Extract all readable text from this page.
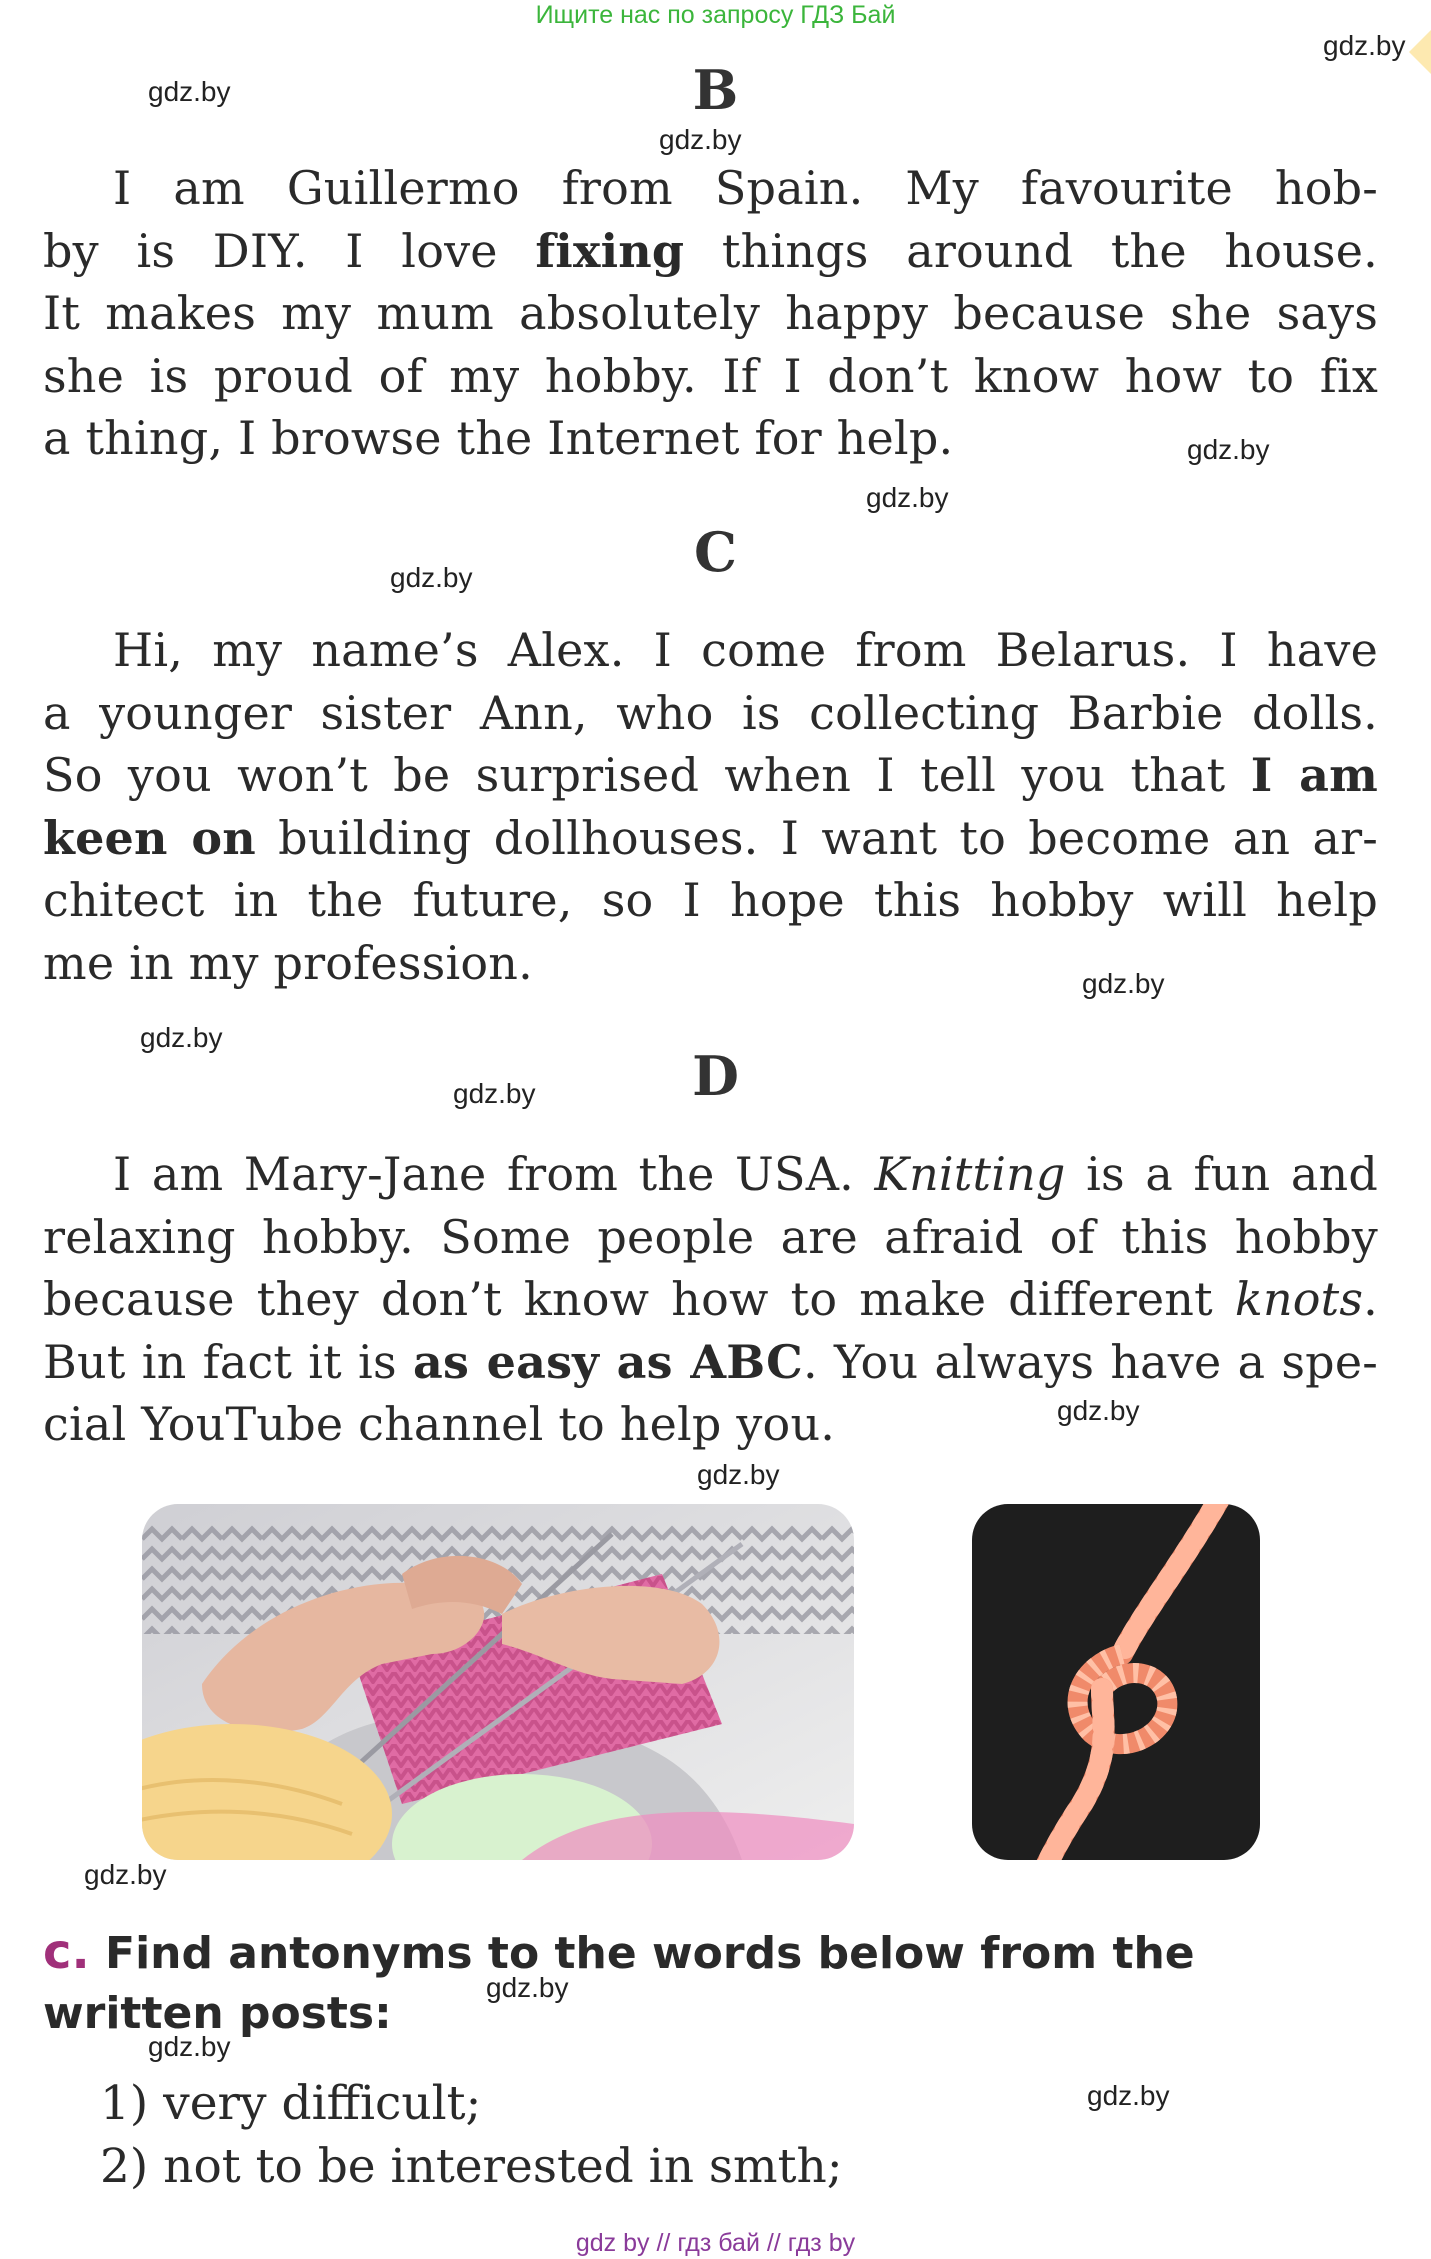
Ищите нас по запросу ГДЗ Бай
gdz.by
gdz.by
gdz.by
gdz.by
gdz.by
gdz.by
gdz.by
gdz.by
gdz.by
gdz.by
gdz.by
gdz.by
gdz.by
gdz.by
gdz.by
B
I am Guillermo from Spain. My favourite hob-
by is DIY. I love fixing things around the house.
It makes my mum absolutely happy because she says
she is proud of my hobby. If I don’t know how to fix
a thing, I browse the Internet for help.
C
Hi, my name’s Alex. I come from Belarus. I have
a younger sister Ann, who is collecting Barbie dolls.
So you won’t be surprised when I tell you that I am
keen on building dollhouses. I want to become an ar-
chitect in the future, so I hope this hobby will help
me in my profession.
D
I am Mary-Jane from the USA. Knitting is a fun and
relaxing hobby. Some people are afraid of this hobby
because they don’t know how to make different knots.
But in fact it is as easy as ABC. You always have a spe-
cial YouTube channel to help you.

c. Find antonyms to the words below from the written posts:

1) very difficult;
2) not to be interested in smth;
gdz by // гдз бай // гдз by
